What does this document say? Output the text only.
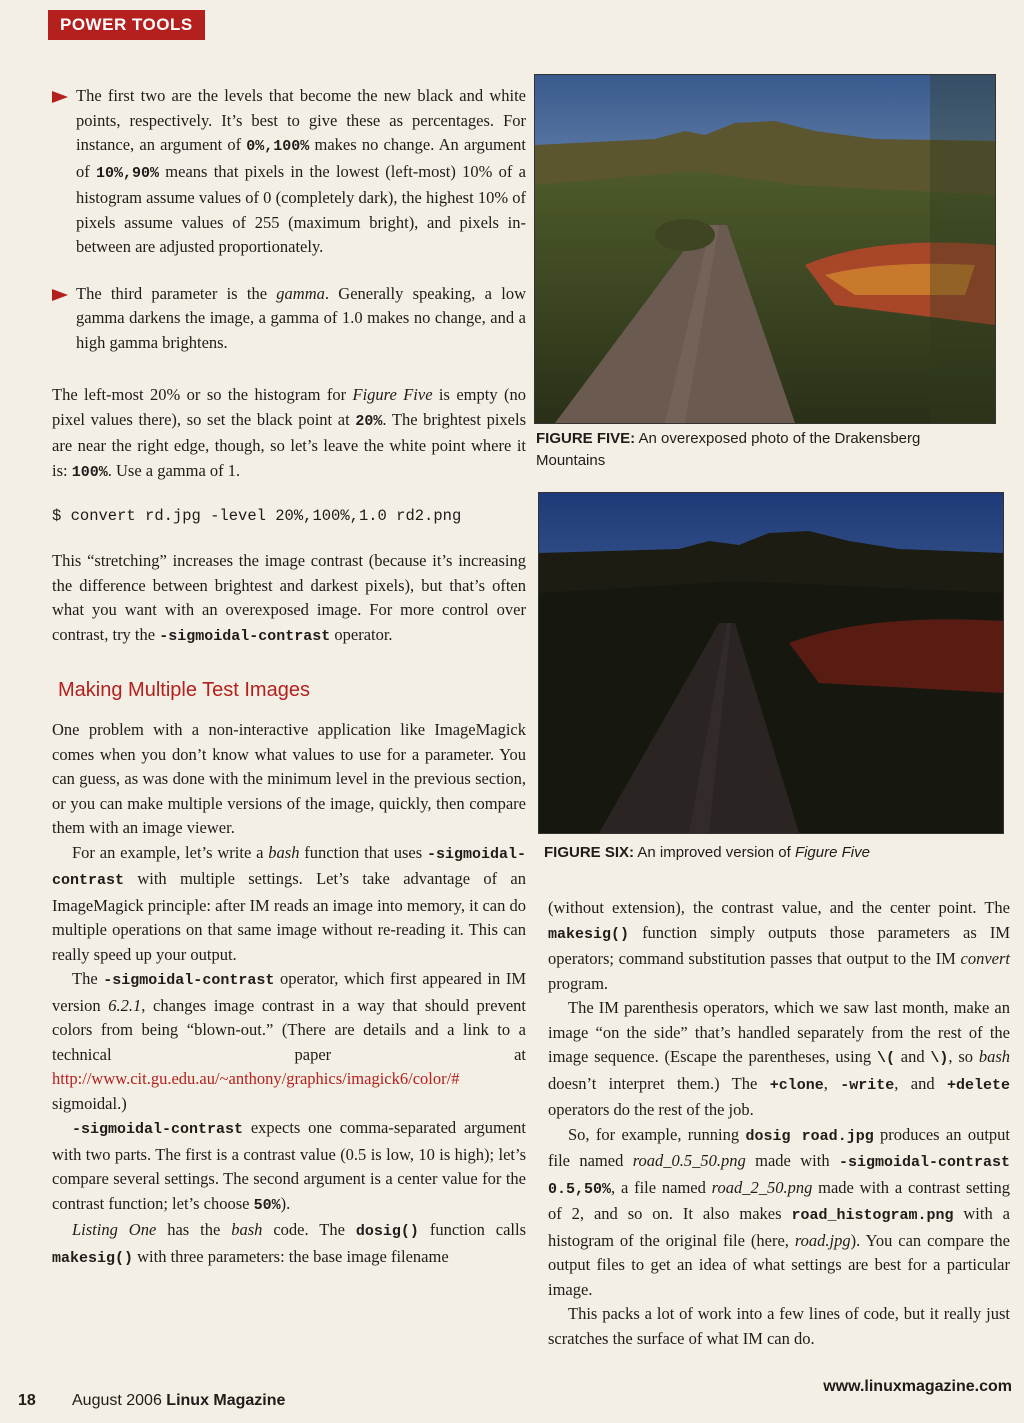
POWER TOOLS
FIGURE FIVE: An overexposed photo of the Drakensberg Mountains
FIGURE SIX: An improved version of Figure Five

The first two are the levels that become the new black and white points, respectively. It’s best to give these as percentages. For instance, an argument of 0%,100% makes no change. An argument of 10%,90% means that pixels in the lowest (left-most) 10% of a histogram assume values of 0 (completely dark), the highest 10% of pixels assume values of 255 (maximum bright), and pixels in-between are adjusted proportionately.

The third parameter is the gamma. Generally speaking, a low gamma darkens the image, a gamma of 1.0 makes no change, and a high gamma brightens.

The left-most 20% or so the histogram for Figure Five is empty (no pixel values there), so set the black point at 20%. The brightest pixels are near the right edge, though, so let’s leave the white point where it is: 100%. Use a gamma of 1.

$ convert rd.jpg -level 20%,100%,1.0 rd2.png

This “stretching” increases the image contrast (because it’s increasing the difference between brightest and darkest pixels), but that’s often what you want with an overexposed image. For more control over contrast, try the -sigmoidal-contrast operator.

Making Multiple Test Images

One problem with a non-interactive application like ImageMagick comes when you don’t know what values to use for a parameter. You can guess, as was done with the minimum level in the previous section, or you can make multiple versions of the image, quickly, then compare them with an image viewer.

For an example, let’s write a bash function that uses -sigmoidal-contrast with multiple settings. Let’s take advantage of an ImageMagick principle: after IM reads an image into memory, it can do multiple operations on that same image without re-reading it. This can really speed up your output.

The -sigmoidal-contrast operator, which first appeared in IM version 6.2.1, changes image contrast in a way that should prevent colors from being “blown-out.” (There are details and a link to a technical paper at http://www.cit.gu.edu.au/~anthony/graphics/imagick6/color/# sigmoidal.)

-sigmoidal-contrast expects one comma-separated argument with two parts. The first is a contrast value (0.5 is low, 10 is high); let’s compare several settings. The second argument is a center value for the contrast function; let’s choose 50%).

Listing One has the bash code. The dosig() function calls makesig() with three parameters: the base image filename

(without extension), the contrast value, and the center point. The makesig() function simply outputs those parameters as IM operators; command substitution passes that output to the IM convert program.

The IM parenthesis operators, which we saw last month, make an image “on the side” that’s handled separately from the rest of the image sequence. (Escape the parentheses, using \( and \), so bash doesn’t interpret them.) The +clone, -write, and +delete operators do the rest of the job.

So, for example, running dosig road.jpg produces an output file named road_0.5_50.png made with -sigmoidal-contrast 0.5,50%, a file named road_2_50.png made with a contrast setting of 2, and so on. It also makes road_histogram.png with a histogram of the original file (here, road.jpg). You can compare the output files to get an idea of what settings are best for a particular image.

This packs a lot of work into a few lines of code, but it really just scratches the surface of what IM can do.

18 August 2006 Linux Magazine
www.linuxmagazine.com
